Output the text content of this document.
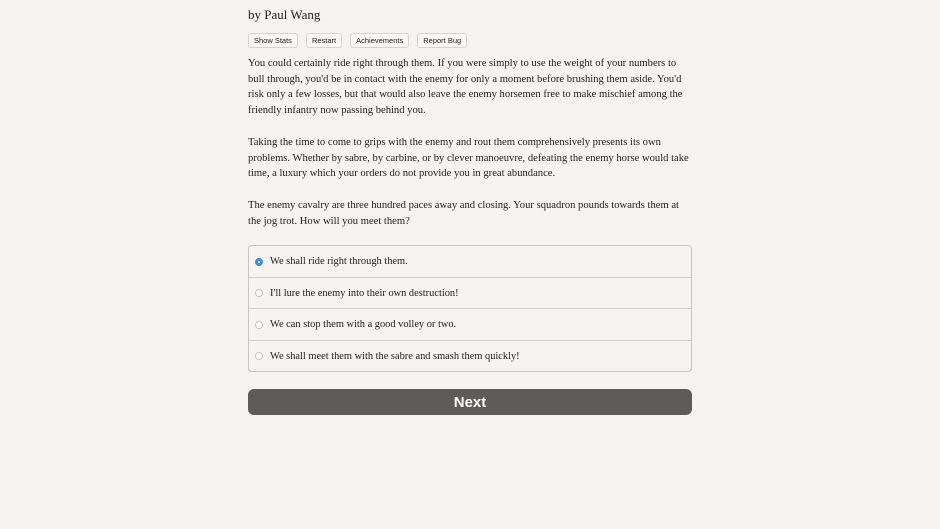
by Paul Wang
Show Stats	Restart	Achievements	Report Bug

You could certainly ride right through them. If you were simply to use the weight of your numbers to bull through, you'd be in contact with the enemy for only a moment before brushing them aside. You'd risk only a few losses, but that would also leave the enemy horsemen free to make mischief among the friendly infantry now passing behind you.

Taking the time to come to grips with the enemy and rout them comprehensively presents its own problems. Whether by sabre, by carbine, or by clever manoeuvre, defeating the enemy horse would take time, a luxury which your orders do not provide you in great abundance.

The enemy cavalry are three hundred paces away and closing. Your squadron pounds towards them at the jog trot. How will you meet them?

We shall ride right through them.
I'll lure the enemy into their own destruction!
We can stop them with a good volley or two.
We shall meet them with the sabre and smash them quickly!
Next
